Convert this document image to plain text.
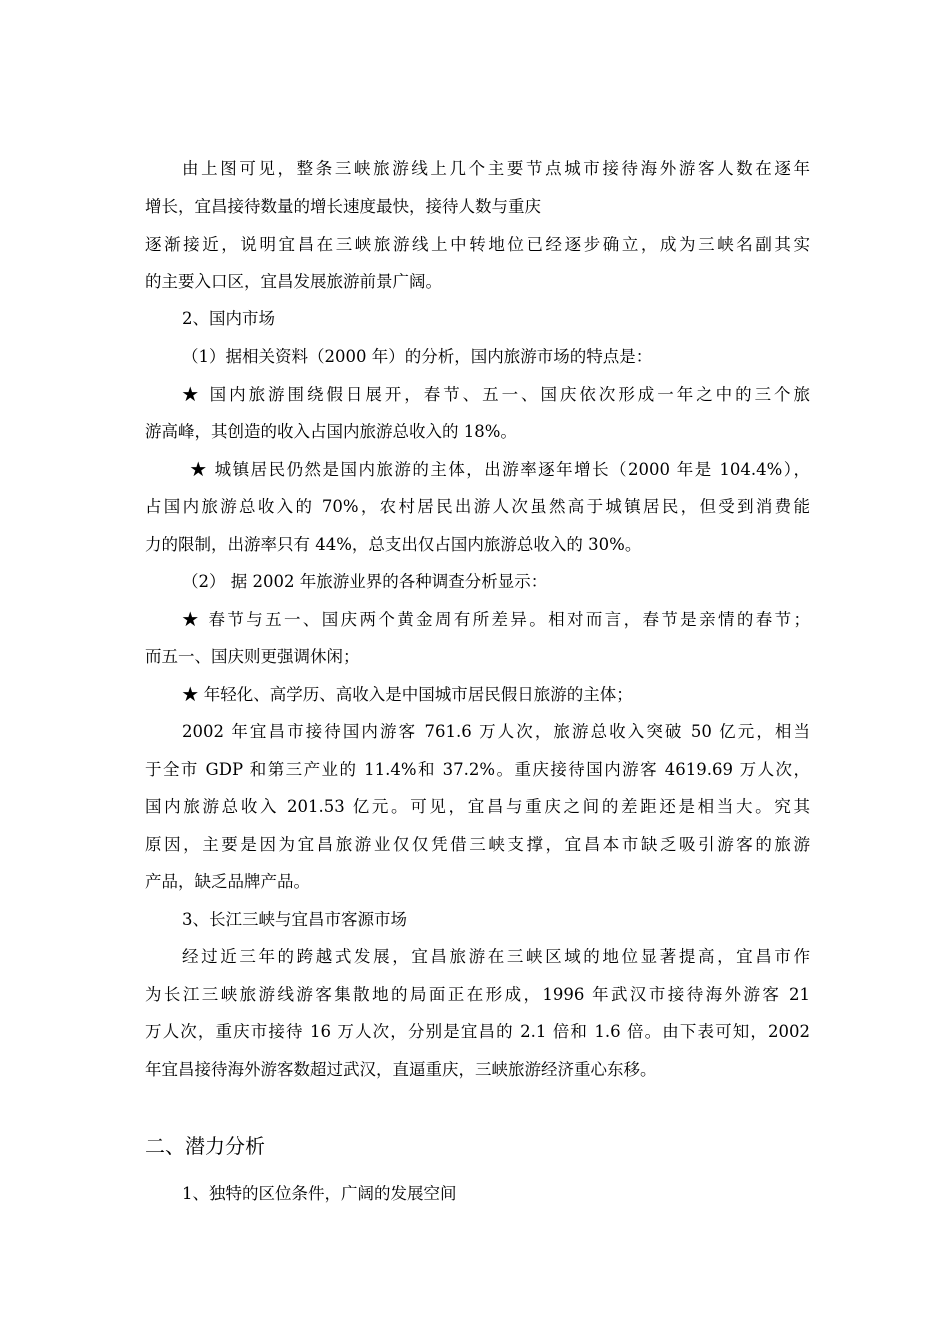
由上图可见，整条三峡旅游线上几个主要节点城市接待海外游客人数在逐年
增长，宜昌接待数量的增长速度最快，接待人数与重庆
逐渐接近，说明宜昌在三峡旅游线上中转地位已经逐步确立，成为三峡名副其实
的主要入口区，宜昌发展旅游前景广阔。
2、国内市场
（1）据相关资料（2000 年）的分析，国内旅游市场的特点是：
★ 国内旅游围绕假日展开，春节、五一、国庆依次形成一年之中的三个旅
游高峰，其创造的收入占国内旅游总收入的 18%。
★ 城镇居民仍然是国内旅游的主体，出游率逐年增长（2000 年是 104.4%），
占国内旅游总收入的 70%，农村居民出游人次虽然高于城镇居民，但受到消费能
力的限制，出游率只有 44%，总支出仅占国内旅游总收入的 30%。
（2） 据 2002 年旅游业界的各种调查分析显示：
★ 春节与五一、国庆两个黄金周有所差异。相对而言，春节是亲情的春节；
而五一、国庆则更强调休闲；
★ 年轻化、高学历、高收入是中国城市居民假日旅游的主体；
2002 年宜昌市接待国内游客 761.6 万人次，旅游总收入突破 50 亿元，相当
于全市 GDP 和第三产业的 11.4%和 37.2%。重庆接待国内游客 4619.69 万人次，
国内旅游总收入 201.53 亿元。可见，宜昌与重庆之间的差距还是相当大。究其
原因，主要是因为宜昌旅游业仅仅凭借三峡支撑，宜昌本市缺乏吸引游客的旅游
产品，缺乏品牌产品。
3、长江三峡与宜昌市客源市场
经过近三年的跨越式发展，宜昌旅游在三峡区域的地位显著提高，宜昌市作
为长江三峡旅游线游客集散地的局面正在形成，1996 年武汉市接待海外游客 21
万人次，重庆市接待 16 万人次，分别是宜昌的 2.1 倍和 1.6 倍。由下表可知，2002
年宜昌接待海外游客数超过武汉，直逼重庆，三峡旅游经济重心东移。
二、潜力分析
1、独特的区位条件，广阔的发展空间
